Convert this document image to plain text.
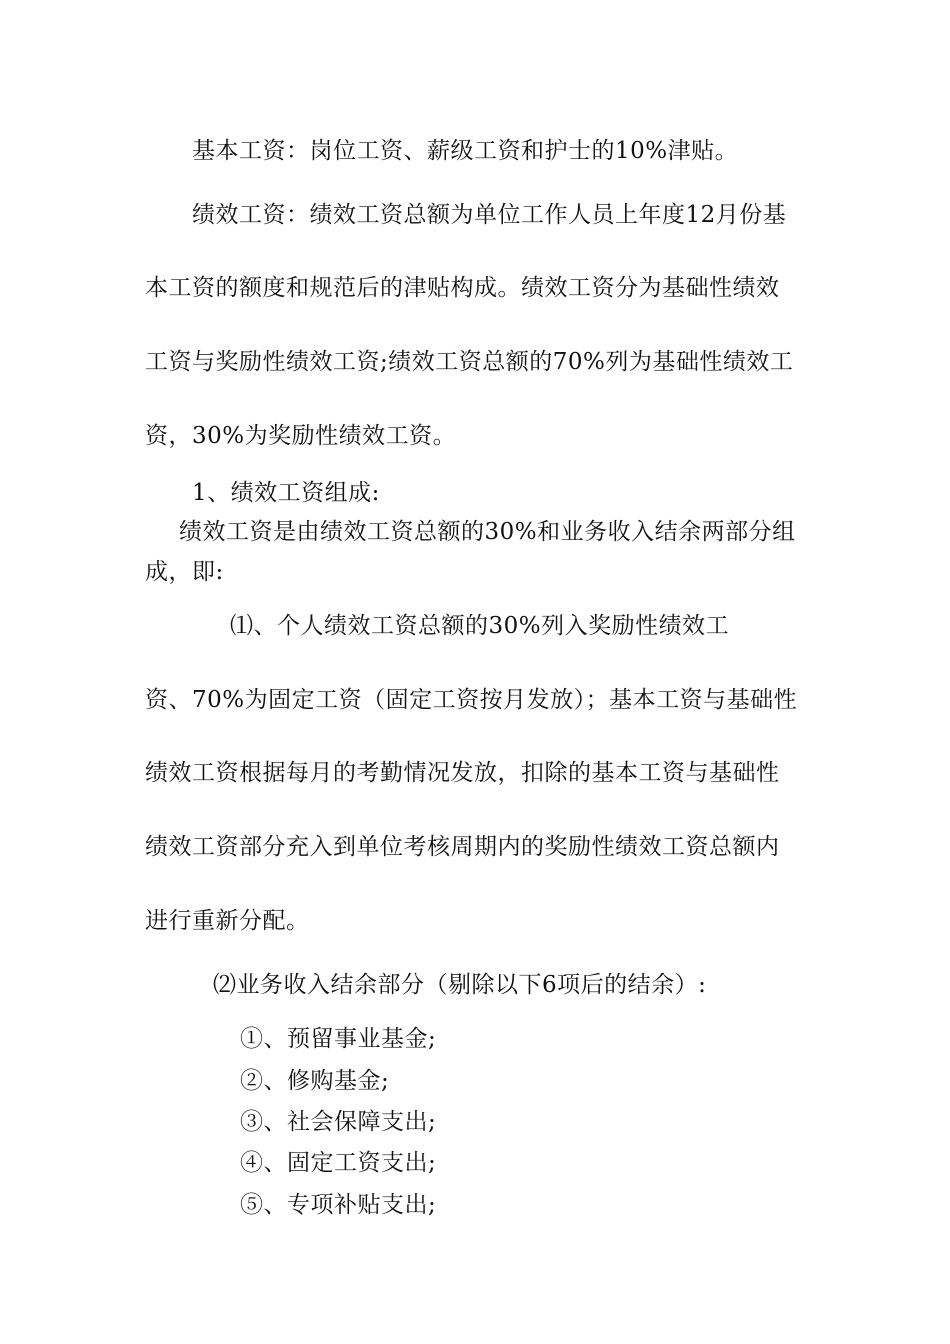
基本工资：岗位工资、薪级工资和护士的10%津贴。
绩效工资：绩效工资总额为单位工作人员上年度12月份基
本工资的额度和规范后的津贴构成。绩效工资分为基础性绩效
工资与奖励性绩效工资;绩效工资总额的70%列为基础性绩效工
资，30%为奖励性绩效工资。
1、绩效工资组成:
绩效工资是由绩效工资总额的30%和业务收入结余两部分组
成，即:
⑴、个人绩效工资总额的30%列入奖励性绩效工
资、70%为固定工资（固定工资按月发放）；基本工资与基础性
绩效工资根据每月的考勤情况发放，扣除的基本工资与基础性
绩效工资部分充入到单位考核周期内的奖励性绩效工资总额内
进行重新分配。
⑵业务收入结余部分（剔除以下6项后的结余）:
①、预留事业基金;
②、修购基金;
③、社会保障支出;
④、固定工资支出;
⑤、专项补贴支出;
